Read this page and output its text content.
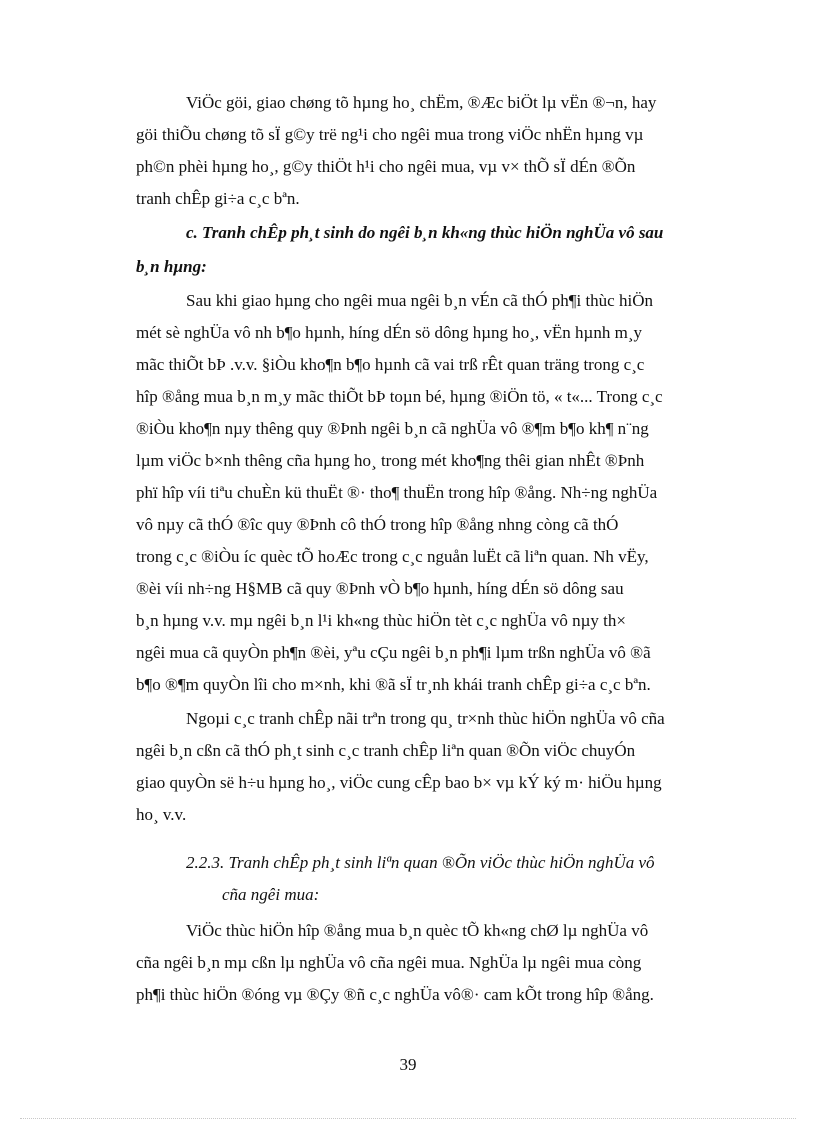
ViÖc göi, giao chøng tõ hµng ho¸ chËm, ®Æc biÖt lµ vËn ®¬n, hay
göi thiÕu chøng tõ sÏ g©y trë ng¹i cho ngêi mua trong viÖc nhËn hµng vµ
ph©n phèi hµng ho¸, g©y thiÖt h¹i cho ngêi mua, vµ v× thÕ sÏ dÉn ®Õn
tranh chÊp gi÷a c¸c bªn.
c. Tranh chÊp ph¸t sinh do ngêi b¸n kh«ng thùc hiÖn nghÜa vô sau
b¸n hµng:
Sau khi giao hµng cho ngêi mua ngêi b¸n vÉn cã thÓ ph¶i thùc hiÖn
mét sè nghÜa vô nh b¶o hµnh, híng dÉn sö dông hµng ho¸, vËn hµnh m¸y
mãc thiÕt bÞ .v.v. §iÒu kho¶n b¶o hµnh cã vai trß rÊt quan träng trong c¸c
hîp ®ång mua b¸n m¸y mãc thiÕt bÞ toµn bé, hµng ®iÖn tö, « t«... Trong c¸c
®iÒu kho¶n nµy thêng quy ®Þnh ngêi b¸n cã nghÜa vô ®¶m b¶o kh¶ n¨ng
lµm viÖc b×nh thêng cña hµng ho¸ trong mét kho¶ng thêi gian nhÊt ®Þnh
phï hîp víi tiªu chuÈn kü thuËt ®· tho¶ thuËn trong hîp ®ång. Nh÷ng nghÜa
vô nµy cã thÓ ®îc quy ®Þnh cô thÓ trong hîp ®ång nhng còng cã thÓ
trong c¸c ®iÒu íc quèc tÕ hoÆc trong c¸c nguån luËt cã liªn quan. Nh vËy,
®èi víi nh÷ng H§MB cã quy ®Þnh vÒ b¶o hµnh, híng dÉn sö dông sau
b¸n hµng v.v. mµ ngêi b¸n l¹i kh«ng thùc hiÖn tèt c¸c nghÜa vô nµy th×
ngêi mua cã quyÒn ph¶n ®èi, yªu cÇu ngêi b¸n ph¶i lµm trßn nghÜa vô ®ã
b¶o ®¶m quyÒn lîi cho m×nh, khi ®ã sÏ tr¸nh khái tranh chÊp gi÷a c¸c bªn.
Ngoµi c¸c tranh chÊp nãi trªn trong qu¸ tr×nh thùc hiÖn nghÜa vô cña
ngêi b¸n cßn cã thÓ ph¸t sinh c¸c tranh chÊp liªn quan ®Õn viÖc chuyÓn
giao quyÒn së h÷u hµng ho¸, viÖc cung cÊp bao b× vµ kÝ ký m· hiÖu hµng
ho¸ v.v.
2.2.3. Tranh chÊp ph¸t sinh liªn quan ®Õn viÖc thùc hiÖn nghÜa vô
cña ngêi mua:
ViÖc thùc hiÖn hîp ®ång mua b¸n quèc tÕ kh«ng chØ lµ nghÜa vô
cña ngêi b¸n mµ cßn lµ nghÜa vô cña ngêi mua. NghÜa lµ ngêi mua còng
ph¶i thùc hiÖn ®óng vµ ®Çy ®ñ c¸c nghÜa vô®· cam kÕt trong hîp ®ång.
39
